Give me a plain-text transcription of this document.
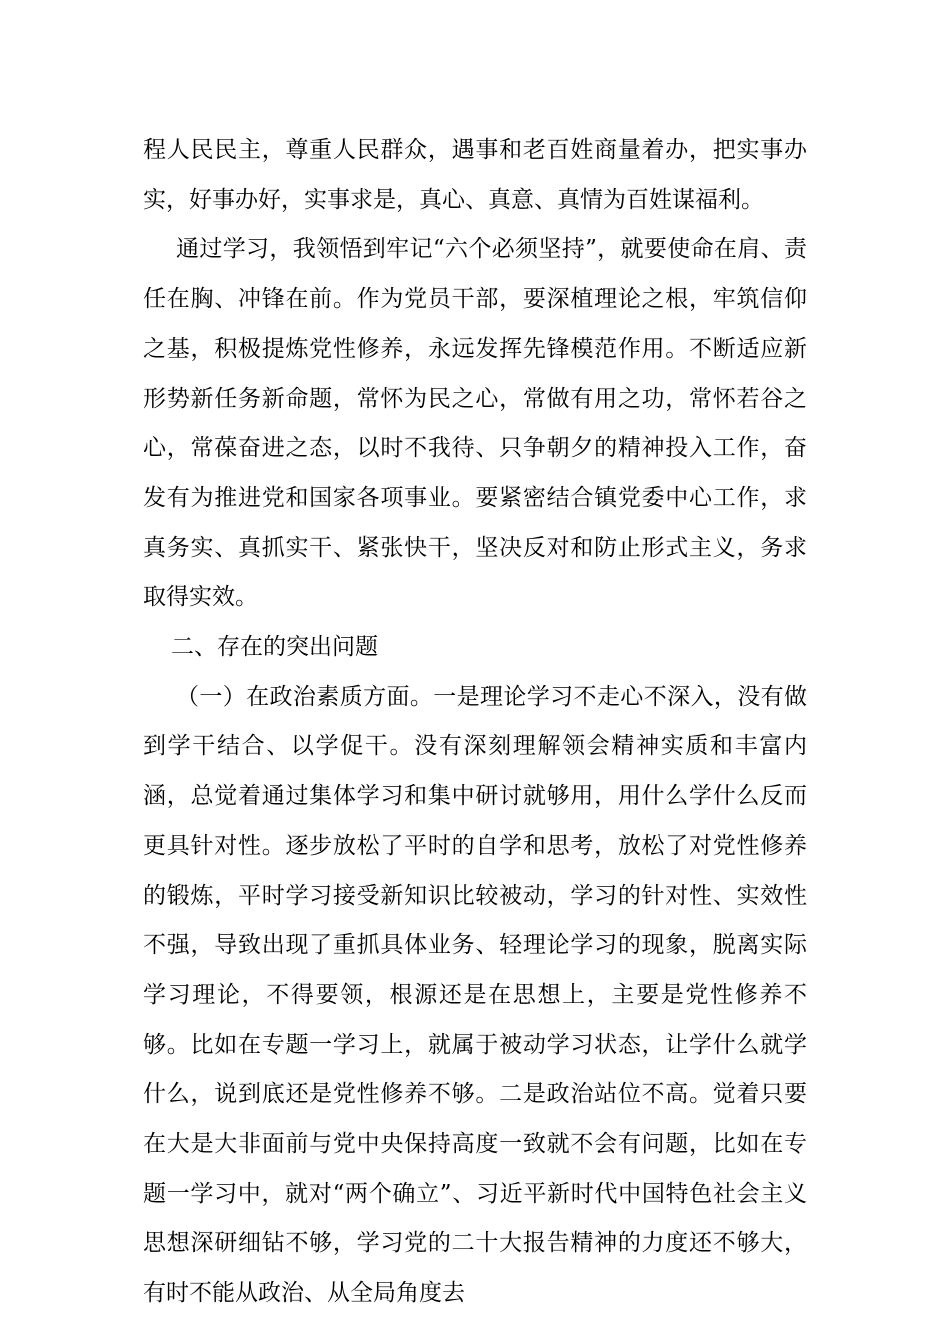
程人民民主，尊重人民群众，遇事和老百姓商量着办，把实事办实，好事办好，实事求是，真心、真意、真情为百姓谋福利。

通过学习，我领悟到牢记“六个必须坚持”，就要使命在肩、责任在胸、冲锋在前。作为党员干部，要深植理论之根，牢筑信仰之基，积极提炼党性修养，永远发挥先锋模范作用。不断适应新形势新任务新命题，常怀为民之心，常做有用之功，常怀若谷之心，常葆奋进之态，以时不我待、只争朝夕的精神投入工作，奋发有为推进党和国家各项事业。要紧密结合镇党委中心工作，求真务实、真抓实干、紧张快干，坚决反对和防止形式主义，务求取得实效。

二、存在的突出问题

（一）在政治素质方面。一是理论学习不走心不深入，没有做到学干结合、以学促干。没有深刻理解领会精神实质和丰富内涵，总觉着通过集体学习和集中研讨就够用，用什么学什么反而更具针对性。逐步放松了平时的自学和思考，放松了对党性修养的锻炼，平时学习接受新知识比较被动，学习的针对性、实效性不强，导致出现了重抓具体业务、轻理论学习的现象，脱离实际学习理论，不得要领，根源还是在思想上，主要是党性修养不够。比如在专题一学习上，就属于被动学习状态，让学什么就学什么，说到底还是党性修养不够。二是政治站位不高。觉着只要在大是大非面前与党中央保持高度一致就不会有问题，比如在专题一学习中，就对“两个确立”、习近平新时代中国特色社会主义思想深研细钻不够，学习党的二十大报告精神的力度还不够大，有时不能从政治、从全局角度去
